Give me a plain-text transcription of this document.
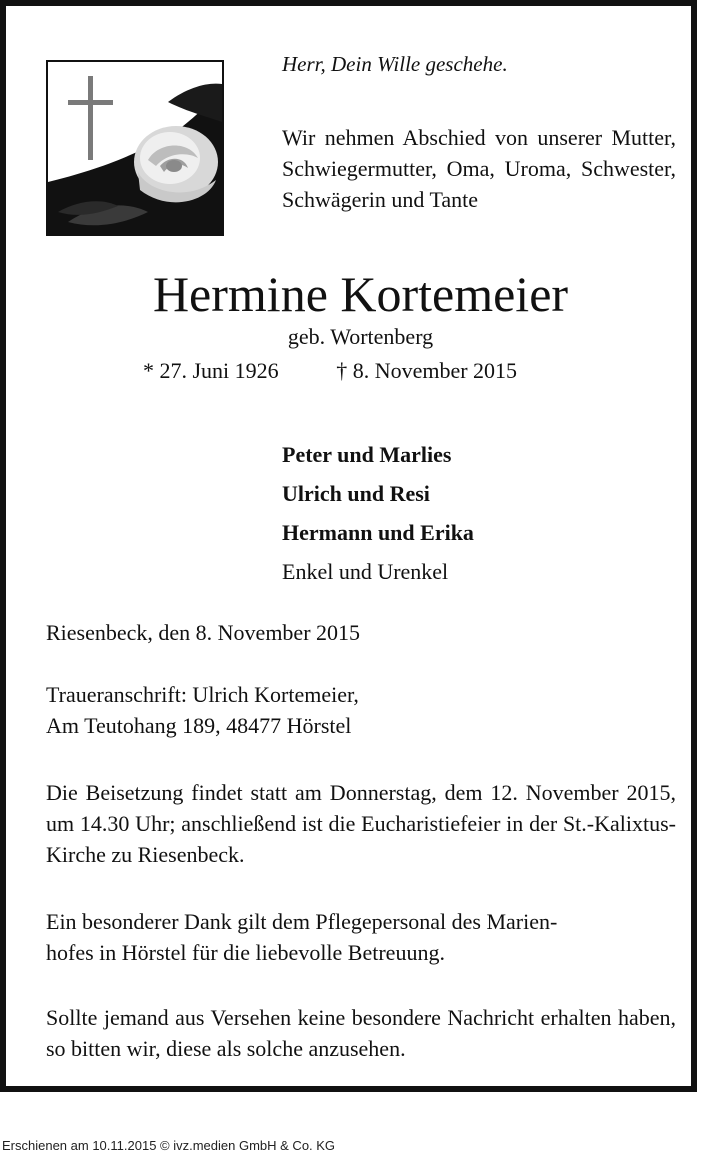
Herr, Dein Wille geschehe.
Wir nehmen Abschied von unserer Mutter, Schwiegermutter, Oma, Uroma, Schwester, Schwägerin und Tante
Hermine Kortemeier
geb. Wortenberg
* 27. Juni 1926	† 8. November 2015
Peter und Marlies
Ulrich und Resi
Hermann und Erika
Enkel und Urenkel
Riesenbeck, den 8. November 2015
Traueranschrift: Ulrich Kortemeier,
Am Teutohang 189, 48477 Hörstel
Die Beisetzung findet statt am Donnerstag, dem 12. November 2015, um 14.30 Uhr; anschließend ist die Eucharistiefeier in der St.-Kalixtus-Kirche zu Riesenbeck.
Ein besonderer Dank gilt dem Pflegepersonal des Marien-
hofes in Hörstel für die liebevolle Betreuung.
Sollte jemand aus Versehen keine besondere Nachricht erhalten haben, so bitten wir, diese als solche anzusehen.
Erschienen am 10.11.2015 © ivz.medien GmbH & Co. KG
